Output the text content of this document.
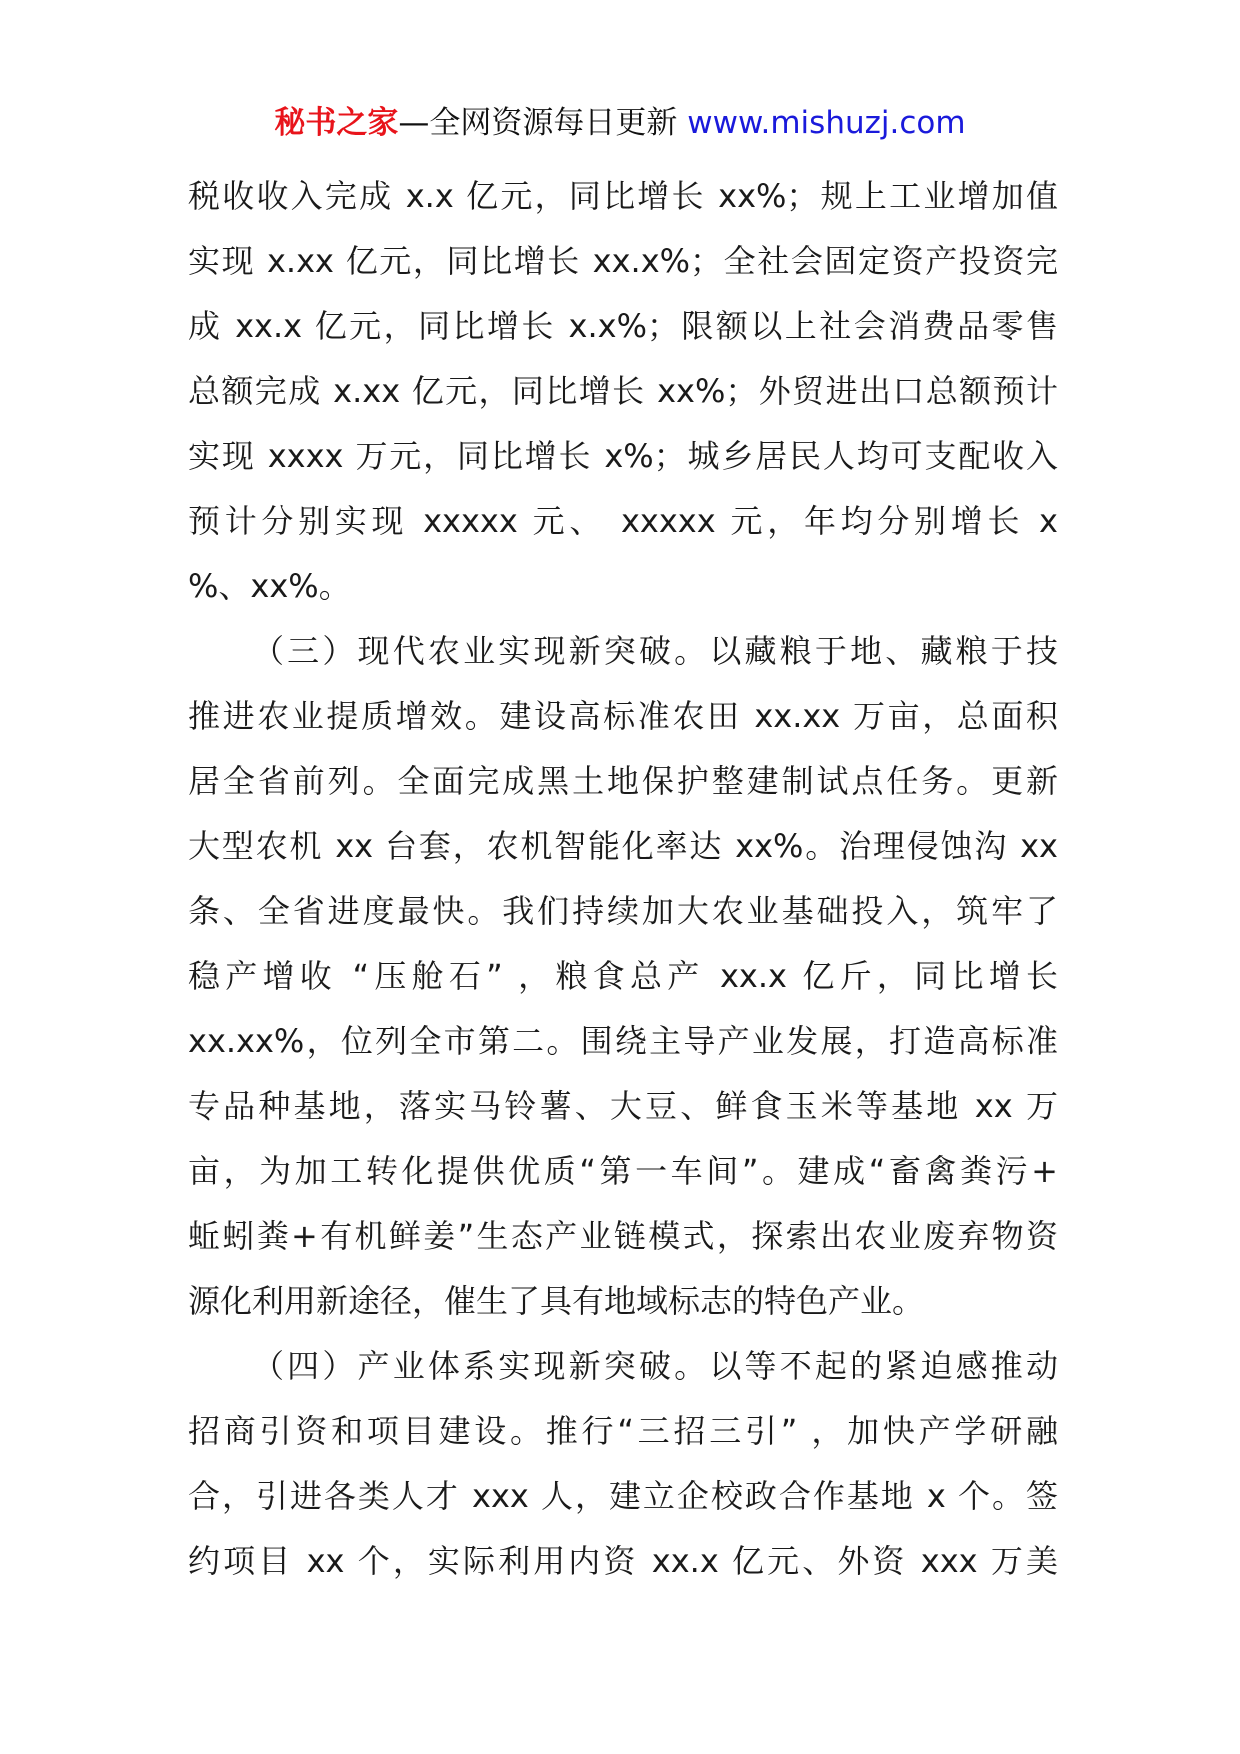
秘书之家—全网资源每日更新 www.mishuzj.com
税收收入完成 x.x 亿元，同比增长 xx%；规上工业增加值
实现 x.xx 亿元，同比增长 xx.x%；全社会固定资产投资完
成 xx.x 亿元，同比增长 x.x%；限额以上社会消费品零售
总额完成 x.xx 亿元，同比增长 xx%；外贸进出口总额预计
实现 xxxx 万元，同比增长 x%；城乡居民人均可支配收入
预计分别实现 xxxxx 元、 xxxxx 元，年均分别增长 x
%、xx%。
（三）现代农业实现新突破。以藏粮于地、藏粮于技
推进农业提质增效。建设高标准农田 xx.xx 万亩，总面积
居全省前列。全面完成黑土地保护整建制试点任务。更新
大型农机 xx 台套，农机智能化率达 xx%。治理侵蚀沟 xx
条、全省进度最快。我们持续加大农业基础投入，筑牢了
稳产增收 “压舱石” ，粮食总产 xx.x 亿斤，同比增长
xx.xx%，位列全市第二。围绕主导产业发展，打造高标准
专品种基地，落实马铃薯、大豆、鲜食玉米等基地 xx 万
亩，为加工转化提供优质“第一车间”。建成“畜禽粪污+
蚯蚓粪+有机鲜姜”生态产业链模式，探索出农业废弃物资
源化利用新途径，催生了具有地域标志的特色产业。
（四）产业体系实现新突破。以等不起的紧迫感推动
招商引资和项目建设。推行“三招三引” ，加快产学研融
合，引进各类人才 xxx 人，建立企校政合作基地 x 个。签
约项目 xx 个，实际利用内资 xx.x 亿元、外资 xxx 万美
